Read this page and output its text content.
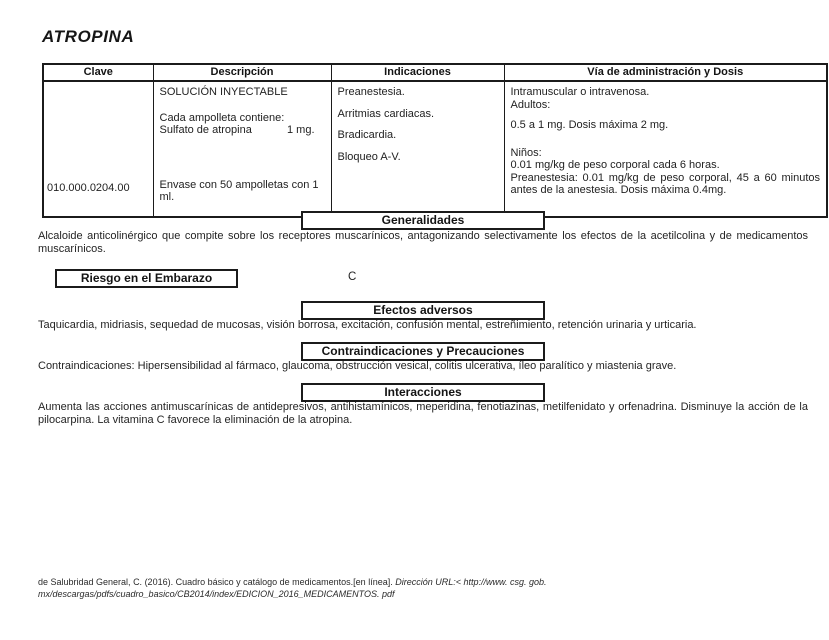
ATROPINA
Clave	Descripción	Indicaciones	Vía de administración y Dosis

010.000.0204.00

SOLUCIÓN INYECTABLE
Cada ampolleta contiene:
Sulfato de atropina	1 mg.
Envase con 50 ampolletas con 1 ml.

Preanestesia.
Arritmias cardiacas.
Bradicardia.
Bloqueo A-V.

Intramuscular o intravenosa.
Adultos:
0.5 a 1 mg. Dosis máxima 2 mg.
Niños:
0.01 mg/kg de peso corporal cada 6 horas.
Preanestesia: 0.01 mg/kg de peso corporal, 45 a 60 minutos antes de la anestesia. Dosis máxima 0.4mg.
Generalidades

Alcaloide anticolinérgico que compite sobre los receptores muscarínicos, antagonizando selectivamente los efectos de la acetilcolina y de medicamentos muscarínicos.

Riesgo en el Embarazo	C
Efectos adversos

Taquicardia, midriasis, sequedad de mucosas, visión borrosa, excitación, confusión mental, estreñimiento, retención urinaria y urticaria.

Contraindicaciones y Precauciones

Contraindicaciones: Hipersensibilidad al fármaco, glaucoma, obstrucción vesical, colitis ulcerativa, íleo paralítico y miastenia grave.

Interacciones

Aumenta las acciones antimuscarínicas de antidepresivos, antihistamínicos, meperidina, fenotiazinas, metilfenidato y orfenadrina. Disminuye la acción de la pilocarpina. La vitamina C favorece la eliminación de la atropina.

de Salubridad General, C. (2016). Cuadro básico y catálogo de medicamentos.[en línea]. Dirección URL:< http://www. csg. gob.
mx/descargas/pdfs/cuadro_basico/CB2014/index/EDICION_2016_MEDICAMENTOS. pdf
